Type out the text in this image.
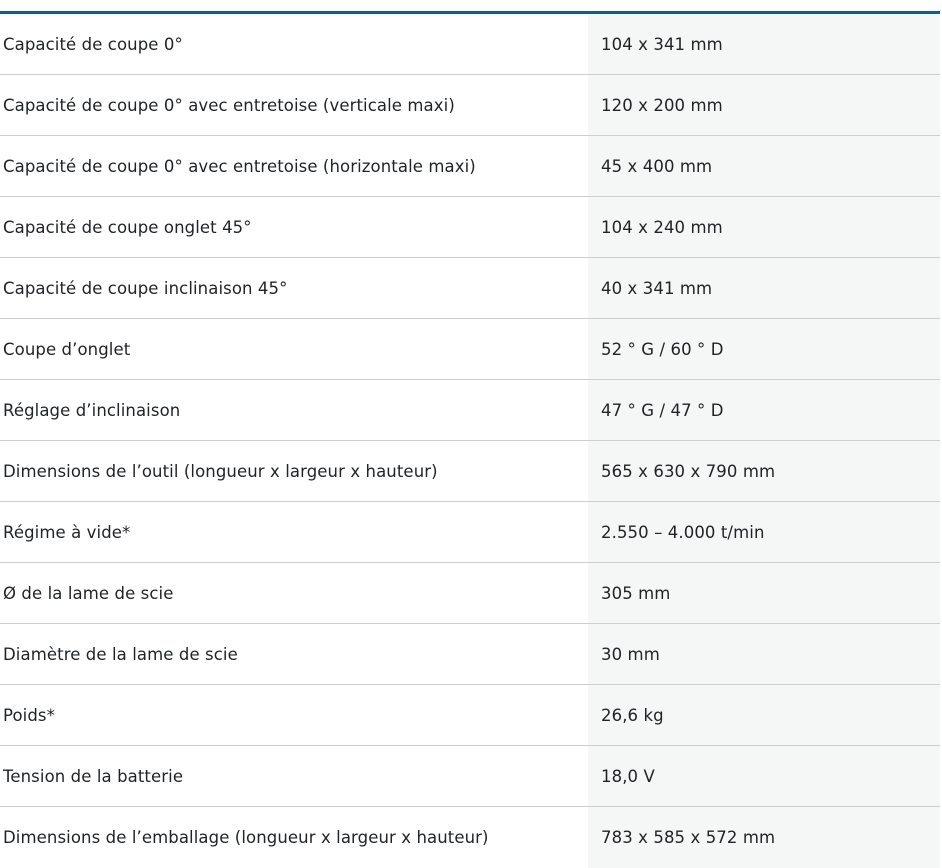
Capacité de coupe 0°	104 x 341 mm
Capacité de coupe 0° avec entretoise (verticale maxi)	120 x 200 mm
Capacité de coupe 0° avec entretoise (horizontale maxi)	45 x 400 mm
Capacité de coupe onglet 45°	104 x 240 mm
Capacité de coupe inclinaison 45°	40 x 341 mm
Coupe d’onglet	52 ° G / 60 ° D
Réglage d’inclinaison	47 ° G / 47 ° D
Dimensions de l’outil (longueur x largeur x hauteur)	565 x 630 x 790 mm
Régime à vide*	2.550 – 4.000 t/min
Ø de la lame de scie	305 mm
Diamètre de la lame de scie	30 mm
Poids*	26,6 kg
Tension de la batterie	18,0 V
Dimensions de l’emballage (longueur x largeur x hauteur)	783 x 585 x 572 mm
